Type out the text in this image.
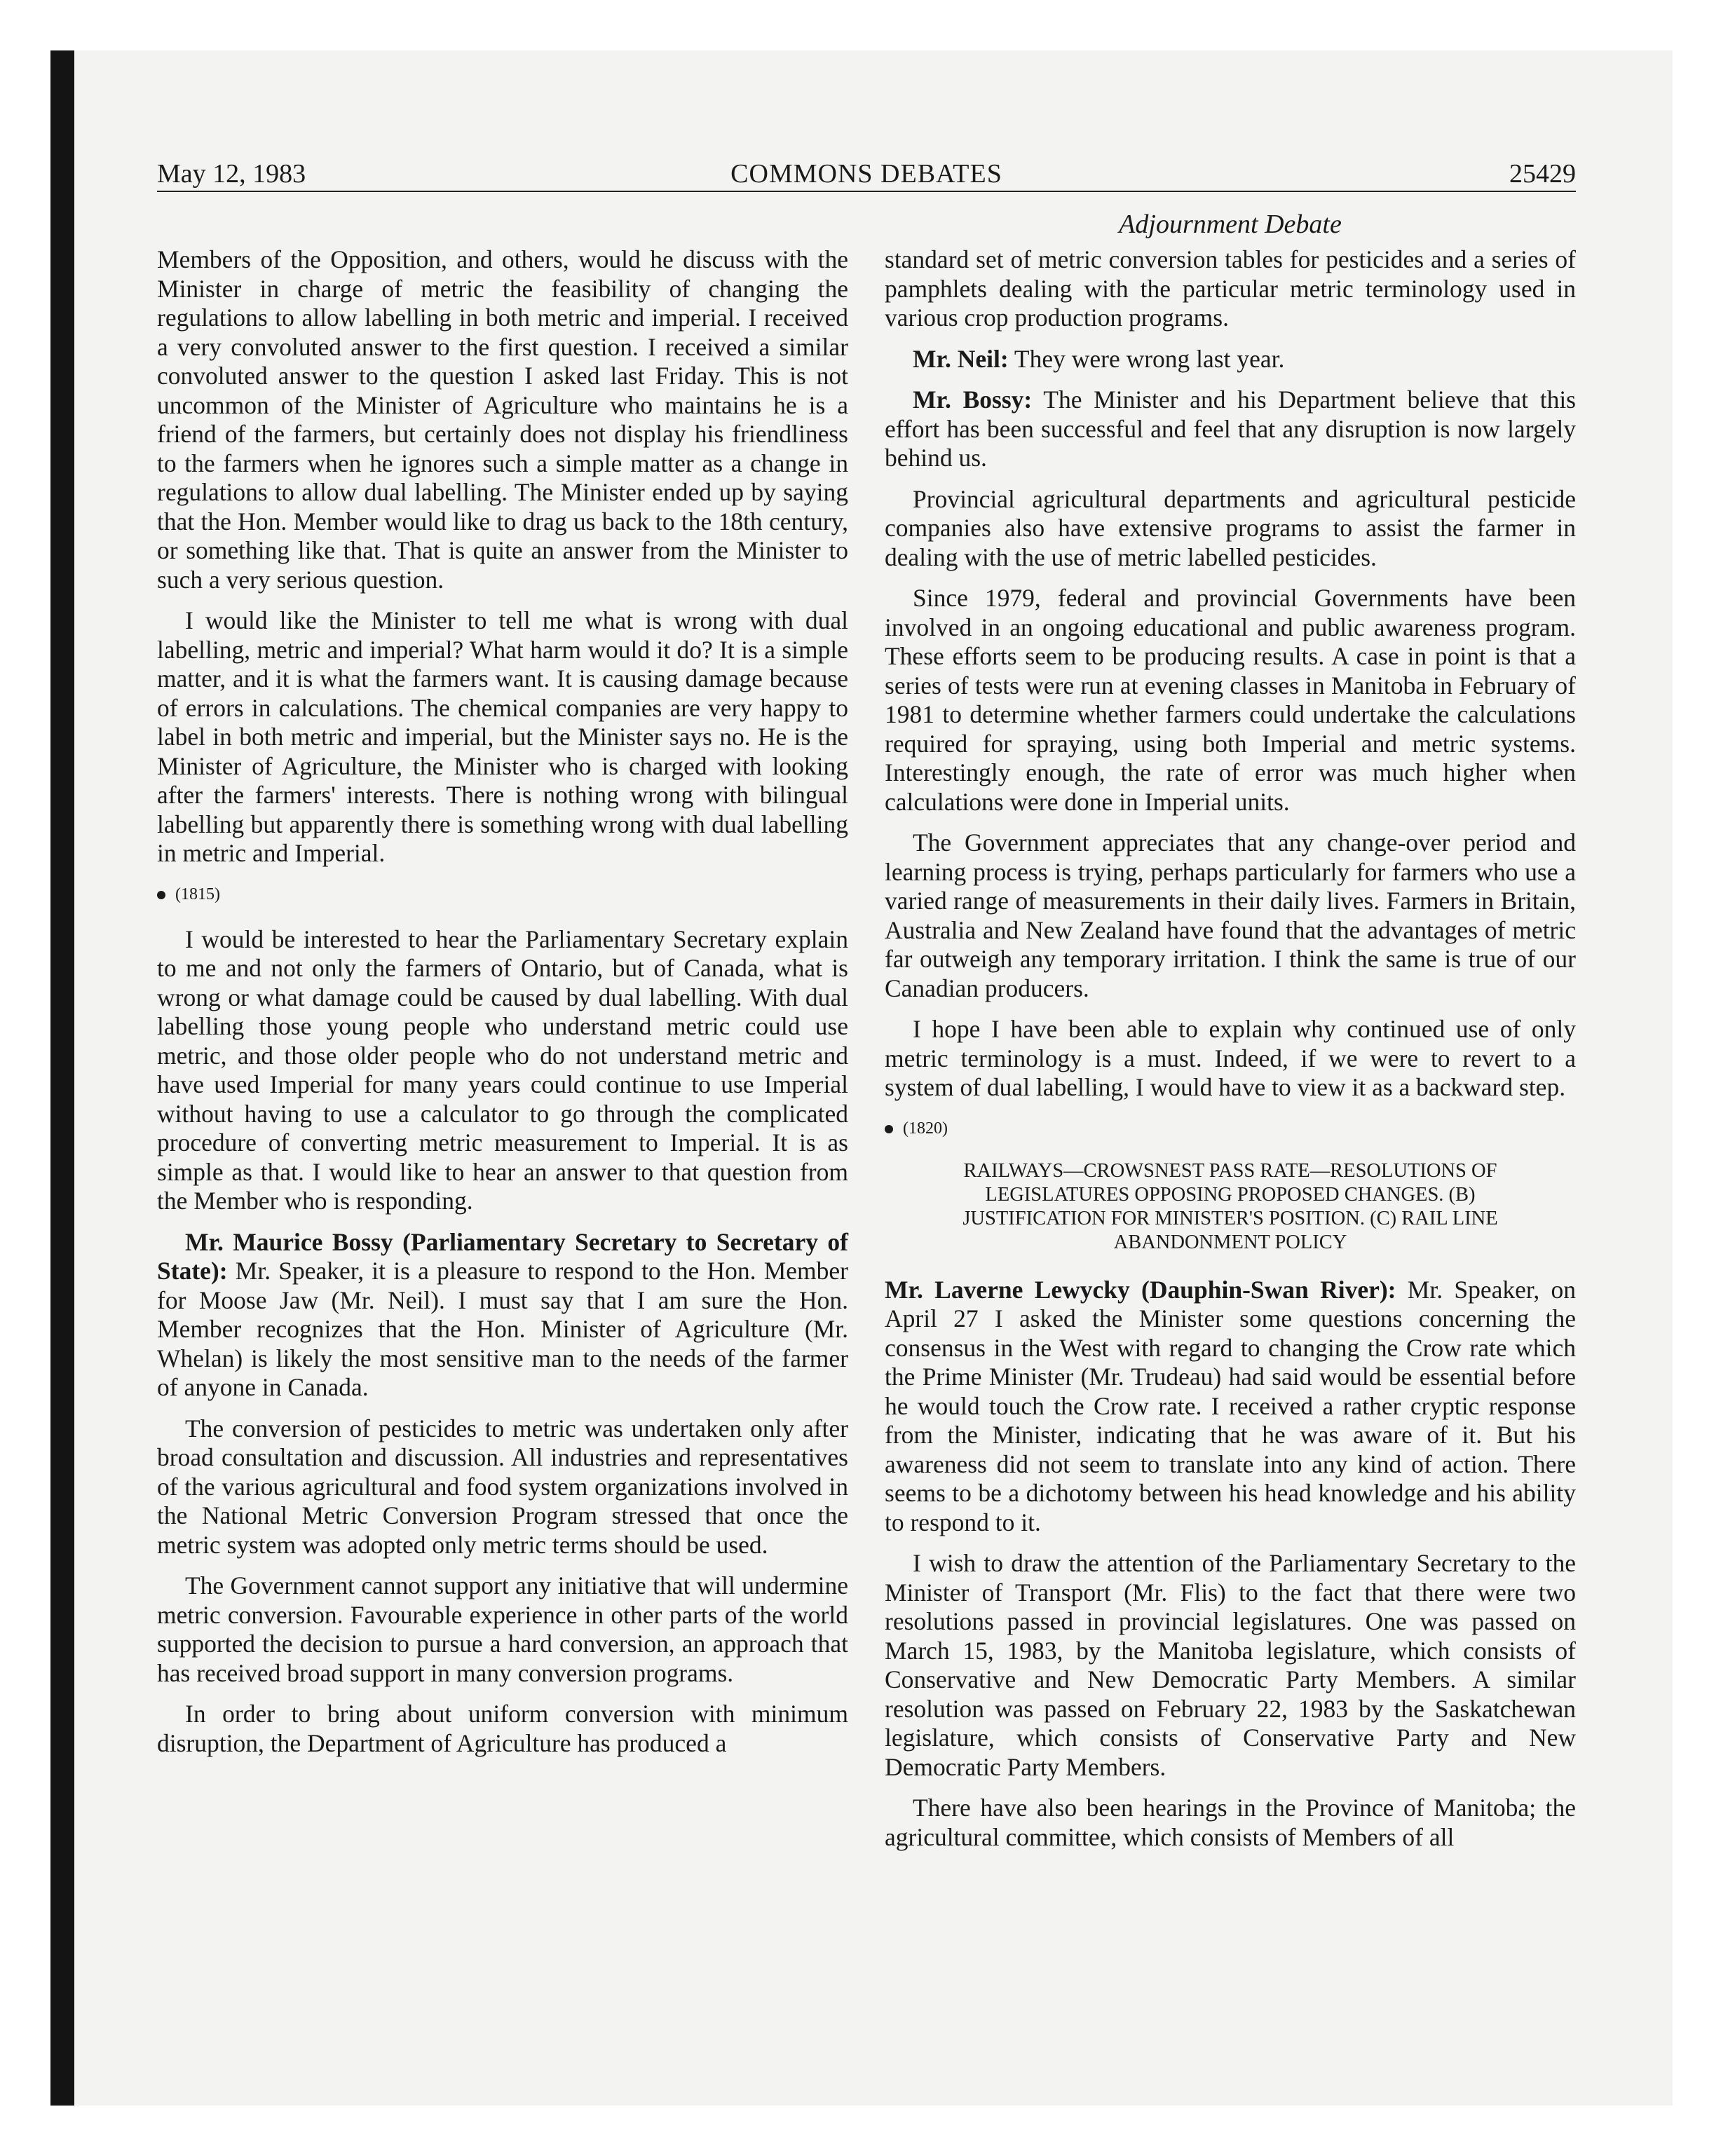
May 12, 1983	COMMONS DEBATES	25429
Adjournment Debate

Members of the Opposition, and others, would he discuss with the Minister in charge of metric the feasibility of changing the regulations to allow labelling in both metric and imperial. I received a very convoluted answer to the first question. I received a similar convoluted answer to the question I asked last Friday. This is not uncommon of the Minister of Agriculture who maintains he is a friend of the farmers, but certainly does not display his friendliness to the farmers when he ignores such a simple matter as a change in regulations to allow dual labelling. The Minister ended up by saying that the Hon. Member would like to drag us back to the 18th century, or something like that. That is quite an answer from the Minister to such a very serious question.

I would like the Minister to tell me what is wrong with dual labelling, metric and imperial? What harm would it do? It is a simple matter, and it is what the farmers want. It is causing damage because of errors in calculations. The chemical companies are very happy to label in both metric and imperial, but the Minister says no. He is the Minister of Agriculture, the Minister who is charged with looking after the farmers' interests. There is nothing wrong with bilingual labelling but apparently there is something wrong with dual labelling in metric and Imperial.

(1815)

I would be interested to hear the Parliamentary Secretary explain to me and not only the farmers of Ontario, but of Canada, what is wrong or what damage could be caused by dual labelling. With dual labelling those young people who understand metric could use metric, and those older people who do not understand metric and have used Imperial for many years could continue to use Imperial without having to use a calculator to go through the complicated procedure of converting metric measurement to Imperial. It is as simple as that. I would like to hear an answer to that question from the Member who is responding.

Mr. Maurice Bossy (Parliamentary Secretary to Secretary of State): Mr. Speaker, it is a pleasure to respond to the Hon. Member for Moose Jaw (Mr. Neil). I must say that I am sure the Hon. Member recognizes that the Hon. Minister of Agriculture (Mr. Whelan) is likely the most sensitive man to the needs of the farmer of anyone in Canada.

The conversion of pesticides to metric was undertaken only after broad consultation and discussion. All industries and representatives of the various agricultural and food system organizations involved in the National Metric Conversion Program stressed that once the metric system was adopted only metric terms should be used.

The Government cannot support any initiative that will undermine metric conversion. Favourable experience in other parts of the world supported the decision to pursue a hard conversion, an approach that has received broad support in many conversion programs.

In order to bring about uniform conversion with minimum disruption, the Department of Agriculture has produced a

standard set of metric conversion tables for pesticides and a series of pamphlets dealing with the particular metric terminology used in various crop production programs.

Mr. Neil: They were wrong last year.

Mr. Bossy: The Minister and his Department believe that this effort has been successful and feel that any disruption is now largely behind us.

Provincial agricultural departments and agricultural pesticide companies also have extensive programs to assist the farmer in dealing with the use of metric labelled pesticides.

Since 1979, federal and provincial Governments have been involved in an ongoing educational and public awareness program. These efforts seem to be producing results. A case in point is that a series of tests were run at evening classes in Manitoba in February of 1981 to determine whether farmers could undertake the calculations required for spraying, using both Imperial and metric systems. Interestingly enough, the rate of error was much higher when calculations were done in Imperial units.

The Government appreciates that any change-over period and learning process is trying, perhaps particularly for farmers who use a varied range of measurements in their daily lives. Farmers in Britain, Australia and New Zealand have found that the advantages of metric far outweigh any temporary irritation. I think the same is true of our Canadian producers.

I hope I have been able to explain why continued use of only metric terminology is a must. Indeed, if we were to revert to a system of dual labelling, I would have to view it as a backward step.

(1820)
RAILWAYS—CROWSNEST PASS RATE—RESOLUTIONS OF
LEGISLATURES OPPOSING PROPOSED CHANGES. (B)
JUSTIFICATION FOR MINISTER'S POSITION. (C) RAIL LINE
ABANDONMENT POLICY

Mr. Laverne Lewycky (Dauphin-Swan River): Mr. Speaker, on April 27 I asked the Minister some questions concerning the consensus in the West with regard to changing the Crow rate which the Prime Minister (Mr. Trudeau) had said would be essential before he would touch the Crow rate. I received a rather cryptic response from the Minister, indicating that he was aware of it. But his awareness did not seem to translate into any kind of action. There seems to be a dichotomy between his head knowledge and his ability to respond to it.

I wish to draw the attention of the Parliamentary Secretary to the Minister of Transport (Mr. Flis) to the fact that there were two resolutions passed in provincial legislatures. One was passed on March 15, 1983, by the Manitoba legislature, which consists of Conservative and New Democratic Party Members. A similar resolution was passed on February 22, 1983 by the Saskatchewan legislature, which consists of Conservative Party and New Democratic Party Members.

There have also been hearings in the Province of Manitoba; the agricultural committee, which consists of Members of all
